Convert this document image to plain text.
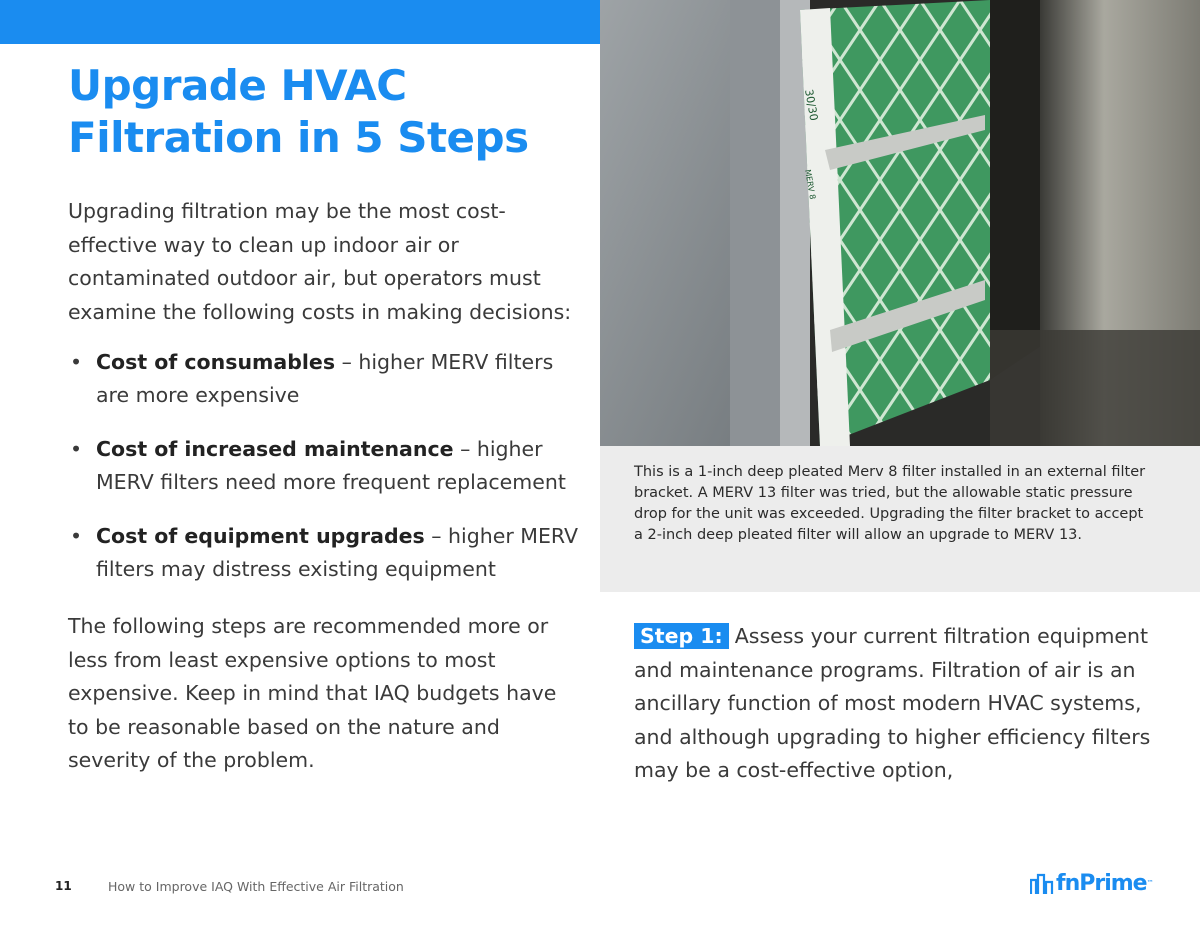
Upgrade HVAC
Filtration in 5 Steps

Upgrading filtration may be the most cost-effective way to clean up indoor air or contaminated outdoor air, but operators must examine the following costs in making decisions:

• Cost of consumables – higher MERV filters are more expensive
• Cost of increased maintenance – higher MERV filters need more frequent replacement
• Cost of equipment upgrades – higher MERV filters may distress existing equipment

The following steps are recommended more or less from least expensive options to most expensive. Keep in mind that IAQ budgets have to be reasonable based on the nature and severity of the problem.

30/30
MERV 8

This is a 1-inch deep pleated Merv 8 filter installed in an external filter bracket. A MERV 13 filter was tried, but the allowable static pressure drop for the unit was exceeded. Upgrading the filter bracket to accept a 2-inch deep pleated filter will allow an upgrade to MERV 13.

Step 1: Assess your current filtration equipment and maintenance programs. Filtration of air is an ancillary function of most modern HVAC systems, and although upgrading to higher efficiency filters may be a cost-effective option,

11	How to Improve IAQ With Effective Air Filtration	fnPrime ™
